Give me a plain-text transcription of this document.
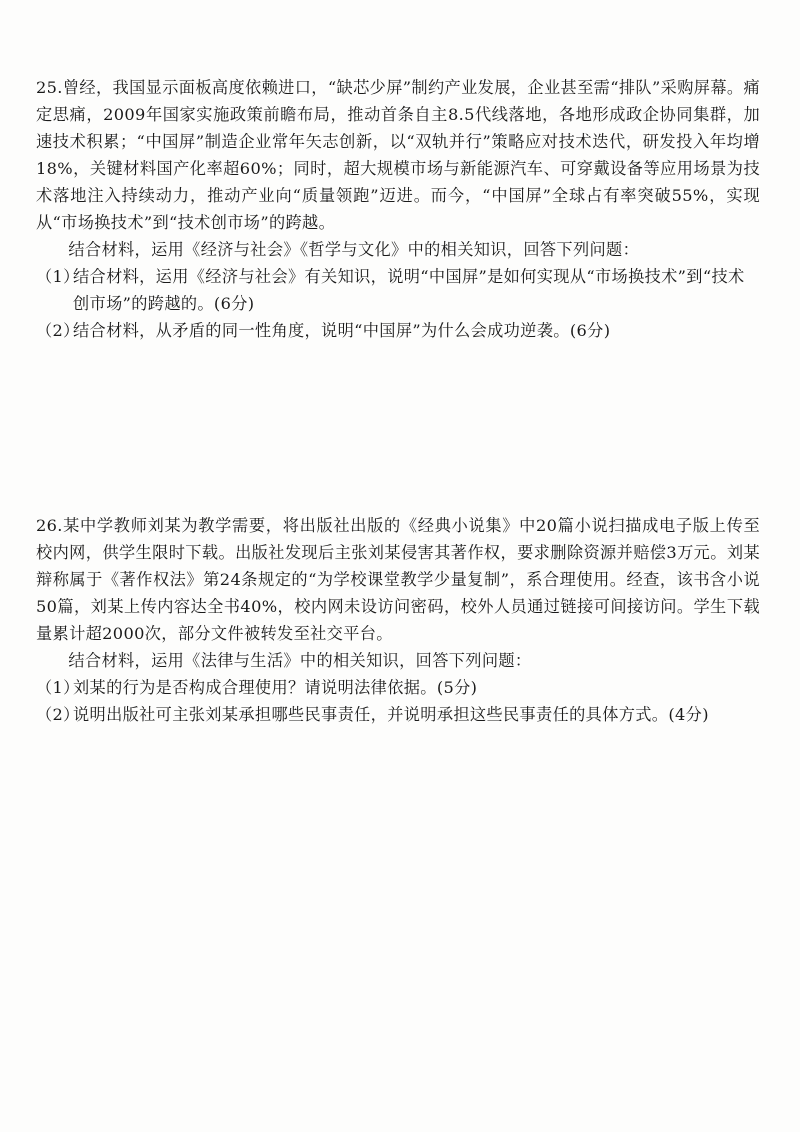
25.曾经，我国显示面板高度依赖进口，“缺芯少屏”制约产业发展，企业甚至需“排队”采购屏幕。痛定思痛，2009年国家实施政策前瞻布局，推动首条自主8.5代线落地，各地形成政企协同集群，加速技术积累；“中国屏”制造企业常年矢志创新，以“双轨并行”策略应对技术迭代，研发投入年均增18%，关键材料国产化率超60%；同时，超大规模市场与新能源汽车、可穿戴设备等应用场景为技术落地注入持续动力，推动产业向“质量领跑”迈进。而今，“中国屏”全球占有率突破55%，实现从“市场换技术”到“技术创市场”的跨越。

结合材料，运用《经济与社会》《哲学与文化》中的相关知识，回答下列问题：

（1）结合材料，运用《经济与社会》有关知识，说明“中国屏”是如何实现从“市场换技术”到“技术创市场”的跨越的。(6分)

（2）结合材料，从矛盾的同一性角度，说明“中国屏”为什么会成功逆袭。(6分)

26.某中学教师刘某为教学需要，将出版社出版的《经典小说集》中20篇小说扫描成电子版上传至校内网，供学生限时下载。出版社发现后主张刘某侵害其著作权，要求删除资源并赔偿3万元。刘某辩称属于《著作权法》第24条规定的“为学校课堂教学少量复制”，系合理使用。经查，该书含小说50篇，刘某上传内容达全书40%，校内网未设访问密码，校外人员通过链接可间接访问。学生下载量累计超2000次，部分文件被转发至社交平台。

结合材料，运用《法律与生活》中的相关知识，回答下列问题：

（1）刘某的行为是否构成合理使用？请说明法律依据。(5分)

（2）说明出版社可主张刘某承担哪些民事责任，并说明承担这些民事责任的具体方式。(4分)
